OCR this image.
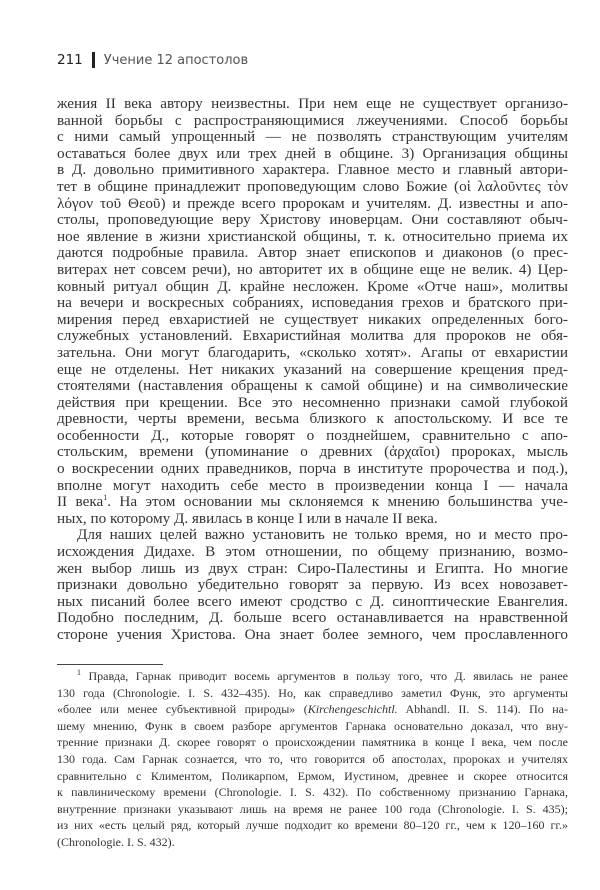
211 Учение 12 апостолов
жения II века автору неизвестны. При нем еще не существует организо-
ванной борьбы с распространяющимися лжеучениями. Способ борьбы
с ними самый упрощенный — не позволять странствующим учителям
оставаться более двух или трех дней в общине. 3) Организация общины
в Д. довольно примитивного характера. Главное место и главный автори-
тет в общине принадлежит проповедующим слово Божие (οἱ λαλοῦντες τὸν
λόγον τοῦ Θεοῦ) и прежде всего пророкам и учителям. Д. известны и апо-
столы, проповедующие веру Христову иноверцам. Они составляют обыч-
ное явление в жизни христианской общины, т. к. относительно приема их
даются подробные правила. Автор знает епископов и диаконов (о прес-
витерах нет совсем речи), но авторитет их в общине еще не велик. 4) Цер-
ковный ритуал общин Д. крайне несложен. Кроме «Отче наш», молитвы
на вечери и воскресных собраниях, исповедания грехов и братского при-
мирения перед евхаристией не существует никаких определенных бого-
служебных установлений. Евхаристийная молитва для пророков не обя-
зательна. Они могут благодарить, «сколько хотят». Агапы от евхаристии
еще не отделены. Нет никаких указаний на совершение крещения пред-
стоятелями (наставления обращены к самой общине) и на символические
действия при крещении. Все это несомненно признаки самой глубокой
древности, черты времени, весьма близкого к апостольскому. И все те
особенности Д., которые говорят о позднейшем, сравнительно с апо-
стольским, времени (упоминание о древних (ἀρχαῖοι) пророках, мысль
о воскресении одних праведников, порча в институте пророчества и под.),
вполне могут находить себе место в произведении конца I — начала
II века$^1$. На этом основании мы склоняемся к мнению большинства уче-
ных, по которому Д. явилась в конце I или в начале II века.
Для наших целей важно установить не только время, но и место про-
исхождения Дидахе. В этом отношении, по общему признанию, возмо-
жен выбор лишь из двух стран: Сиро-Палестины и Египта. Но многие
признаки довольно убедительно говорят за первую. Из всех новозавет-
ных писаний более всего имеют сродство с Д. синоптические Евангелия.
Подобно последним, Д. больше всего останавливается на нравственной
стороне учения Христова. Она знает более земного, чем прославленного
$^1$ Правда, Гарнак приводит восемь аргументов в пользу того, что Д. явилась не ранее
130 года (Chronologie. I. S. 432–435). Но, как справедливо заметил Функ, это аргументы
«более или менее субъективной природы» (Kirchengeschichtl. Abhandl. II. S. 114). По на-
шему мнению, Функ в своем разборе аргументов Гарнака основательно доказал, что вну-
тренние признаки Д. скорее говорят о происхождении памятника в конце I века, чем после
130 года. Сам Гарнак сознается, что то, что говорится об апостолах, пророках и учителях
сравнительно с Климентом, Поликарпом, Ермом, Иустином, древнее и скорее относится
к павлиническому времени (Chronologie. I. S. 432). По собственному признанию Гарнака,
внутренние признаки указывают лишь на время не ранее 100 года (Chronologie. I. S. 435);
из них «есть целый ряд, который лучше подходит ко времени 80–120 гг., чем к 120–160 гг.»
(Chronologie. I. S. 432).
